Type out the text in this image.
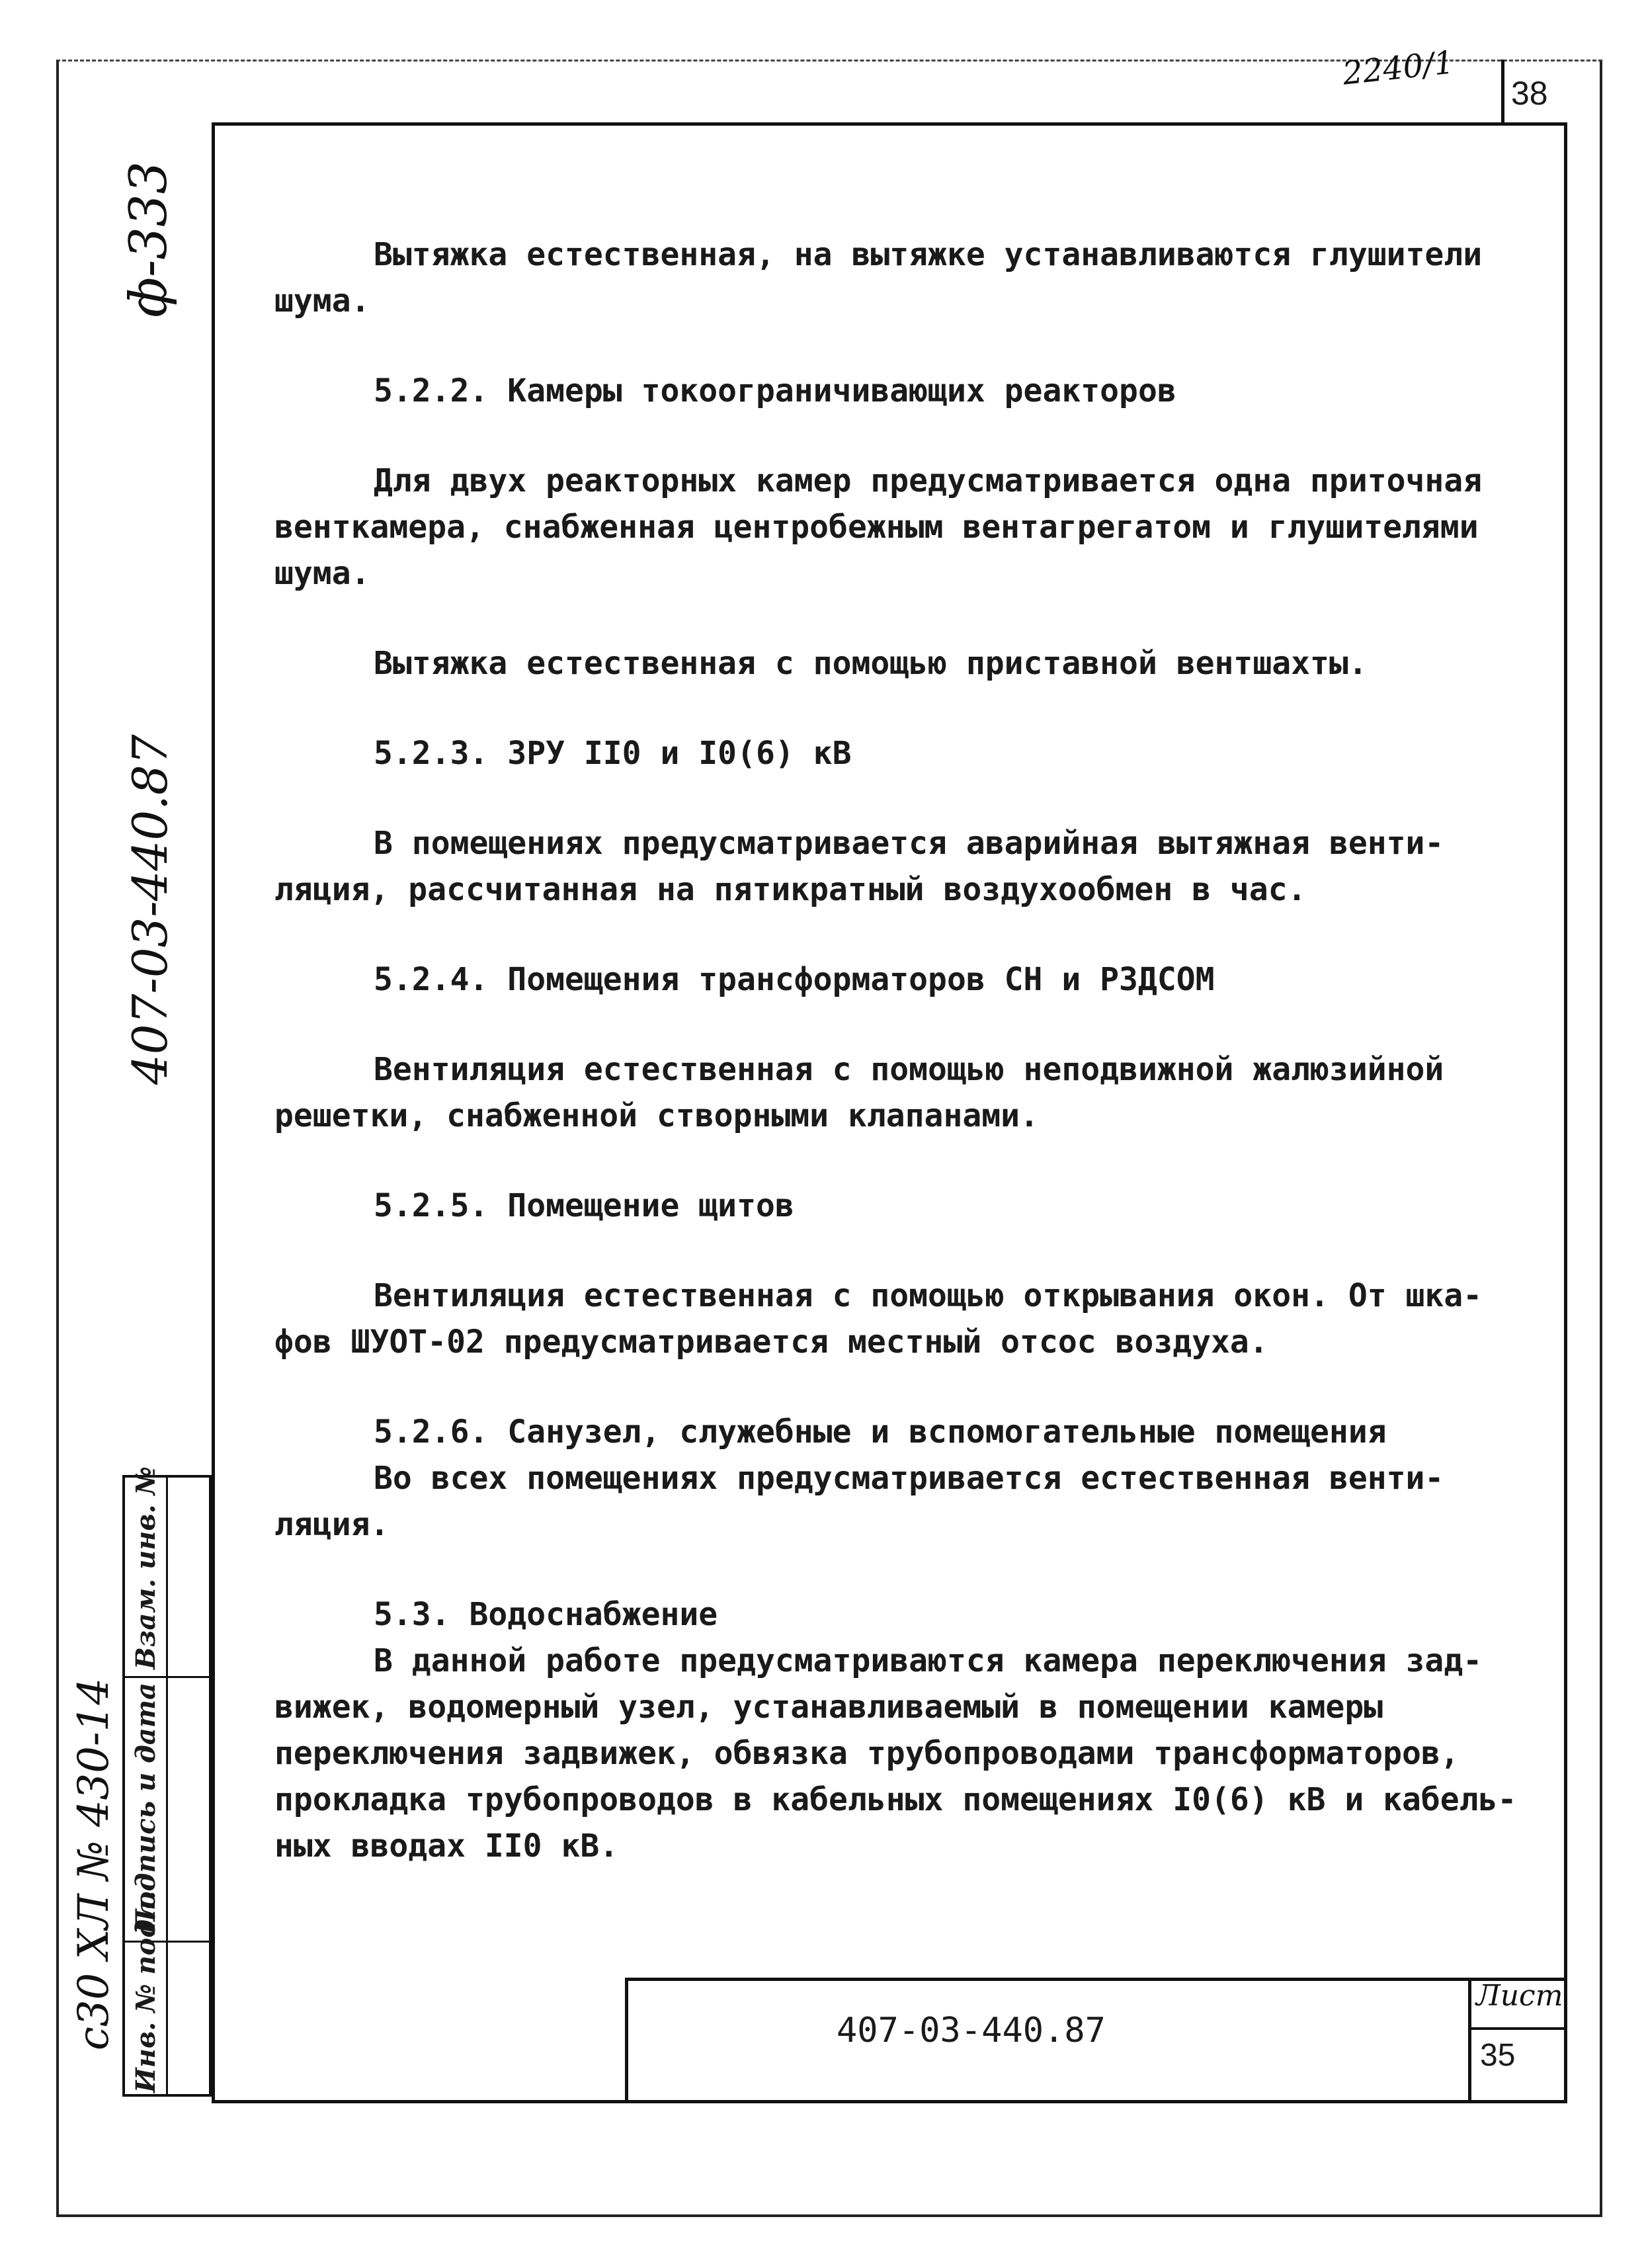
38
2240/1
ф-333
407-03-440.87
с30 ХЛ № 430-14 Инв. № подл.
Подпись и дата
Взам. инв. №

Вытяжка естественная, на вытяжке устанавливаются глушители

шума.

5.2.2. Камеры токоограничивающих реакторов

Для двух реакторных камер предусматривается одна приточная

венткамера, снабженная центробежным вентагрегатом и глушителями

шума.

Вытяжка естественная с помощью приставной вентшахты.

5.2.3. ЗРУ II0 и I0(6) кВ

В помещениях предусматривается аварийная вытяжная венти-

ляция, рассчитанная на пятикратный воздухообмен в час.

5.2.4. Помещения трансформаторов СН и РЗДСОМ

Вентиляция естественная с помощью неподвижной жалюзийной

решетки, снабженной створными клапанами.

5.2.5. Помещение щитов

Вентиляция естественная с помощью открывания окон. От шка-

фов ШУОТ-02 предусматривается местный отсос воздуха.

5.2.6. Санузел, служебные и вспомогательные помещения

Во всех помещениях предусматривается естественная венти-

ляция.

5.3. Водоснабжение

В данной работе предусматриваются камера переключения зад-

вижек, водомерный узел, устанавливаемый в помещении камеры

переключения задвижек, обвязка трубопроводами трансформаторов,

прокладка трубопроводов в кабельных помещениях I0(6) кВ и кабель-

ных вводах II0 кВ.

407-03-440.87
Лист
35
